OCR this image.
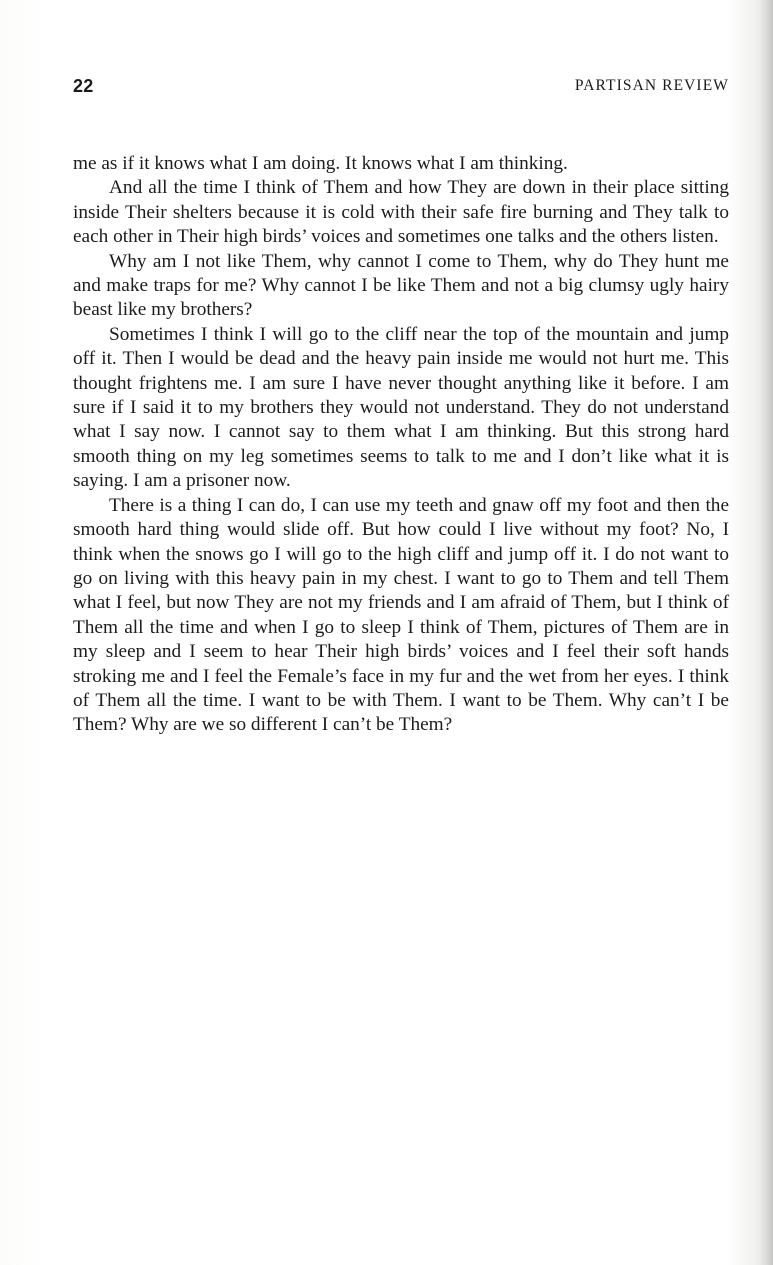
22	PARTISAN REVIEW

me as if it knows what I am doing. It knows what I am thinking.

And all the time I think of Them and how They are down in their place sitting inside Their shelters because it is cold with their safe fire burning and They talk to each other in Their high birds’ voices and sometimes one talks and the others listen.

Why am I not like Them, why cannot I come to Them, why do They hunt me and make traps for me? Why cannot I be like Them and not a big clumsy ugly hairy beast like my brothers?

Sometimes I think I will go to the cliff near the top of the mountain and jump off it. Then I would be dead and the heavy pain inside me would not hurt me. This thought frightens me. I am sure I have never thought anything like it before. I am sure if I said it to my brothers they would not understand. They do not understand what I say now. I cannot say to them what I am thinking. But this strong hard smooth thing on my leg sometimes seems to talk to me and I don’t like what it is saying. I am a prisoner now.

There is a thing I can do, I can use my teeth and gnaw off my foot and then the smooth hard thing would slide off. But how could I live without my foot? No, I think when the snows go I will go to the high cliff and jump off it. I do not want to go on living with this heavy pain in my chest. I want to go to Them and tell Them what I feel, but now They are not my friends and I am afraid of Them, but I think of Them all the time and when I go to sleep I think of Them, pictures of Them are in my sleep and I seem to hear Their high birds’ voices and I feel their soft hands stroking me and I feel the Female’s face in my fur and the wet from her eyes. I think of Them all the time. I want to be with Them. I want to be Them. Why can’t I be Them? Why are we so different I can’t be Them?
